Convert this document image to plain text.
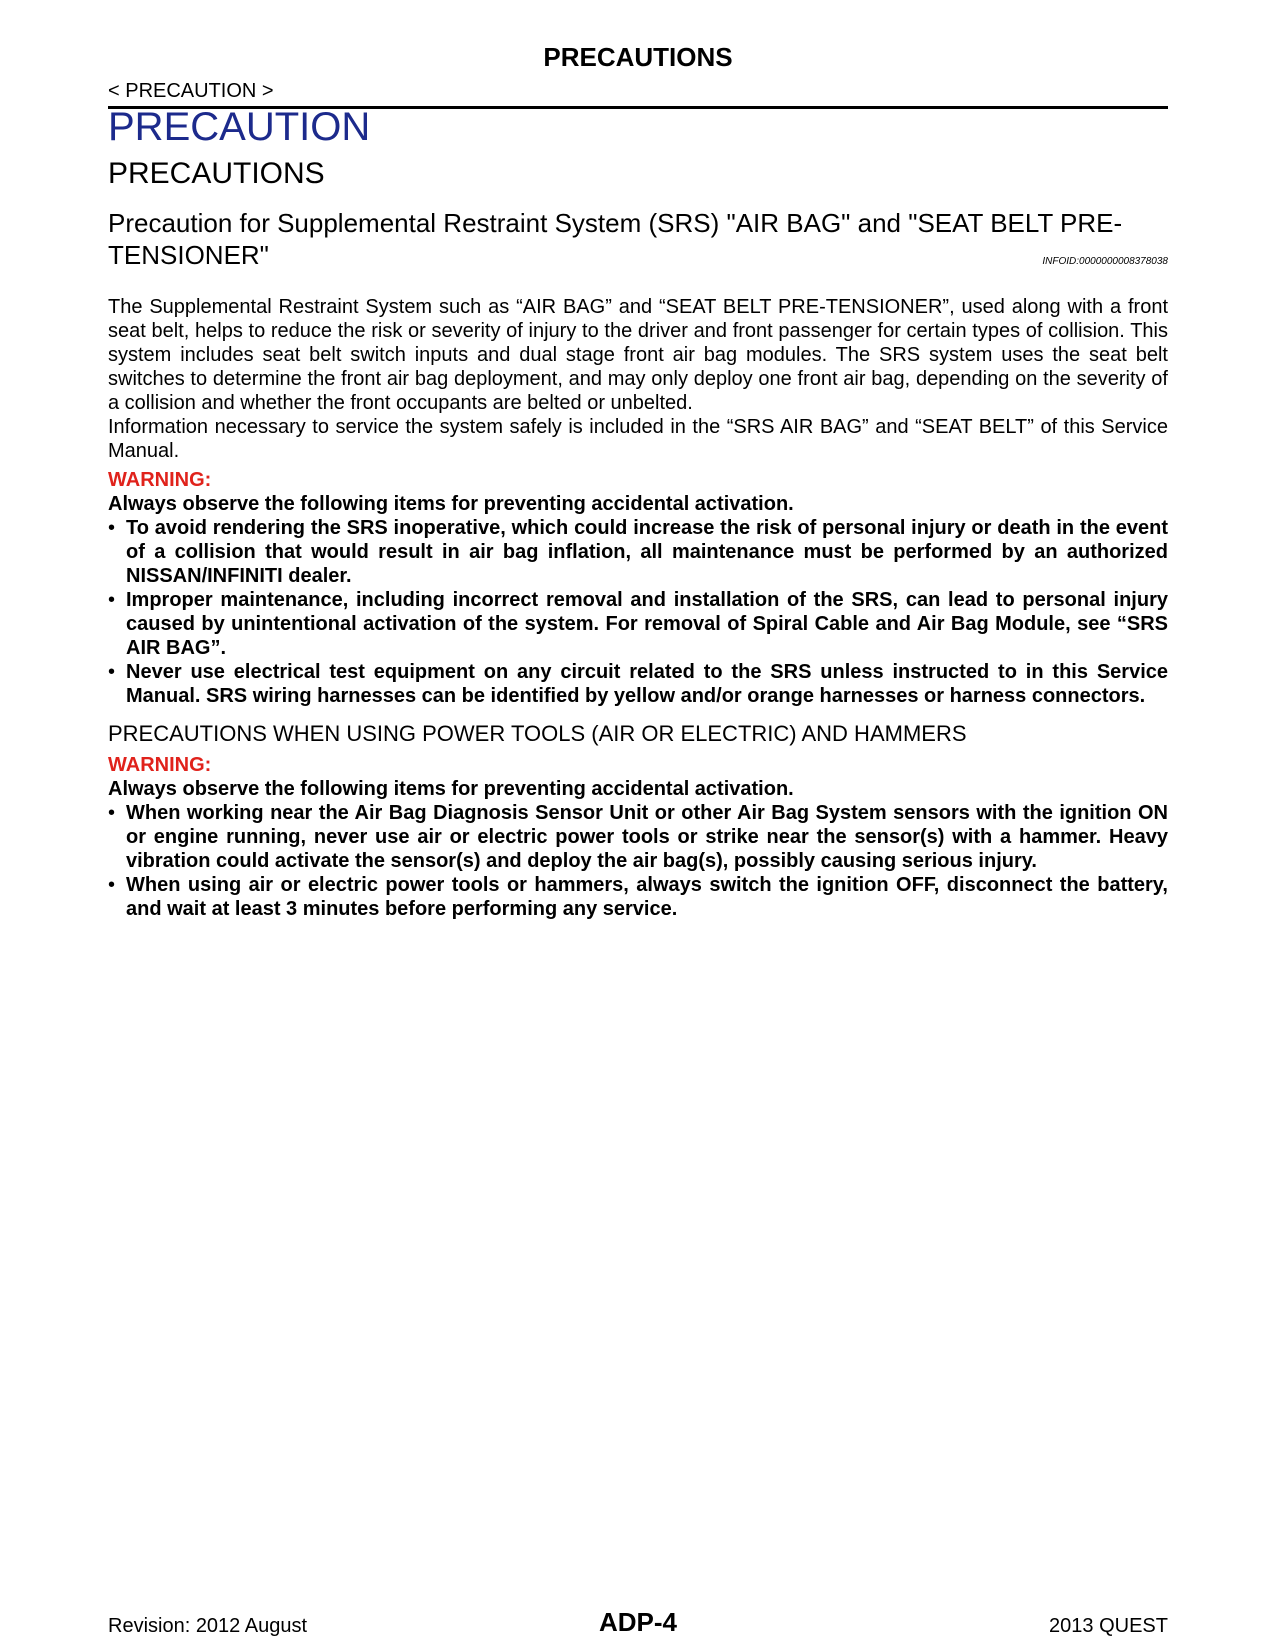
PRECAUTIONS
< PRECAUTION >
PRECAUTION
PRECAUTIONS
Precaution for Supplemental Restraint System (SRS) "AIR BAG" and "SEAT BELT PRE-TENSIONER"	INFOID:0000000008378038

The Supplemental Restraint System such as “AIR BAG” and “SEAT BELT PRE-TENSIONER”, used along with a front seat belt, helps to reduce the risk or severity of injury to the driver and front passenger for certain types of collision. This system includes seat belt switch inputs and dual stage front air bag modules. The SRS system uses the seat belt switches to determine the front air bag deployment, and may only deploy one front air bag, depending on the severity of a collision and whether the front occupants are belted or unbelted.

Information necessary to service the system safely is included in the “SRS AIR BAG” and “SEAT BELT” of this Service Manual.

WARNING:
Always observe the following items for preventing accidental activation.
• To avoid rendering the SRS inoperative, which could increase the risk of personal injury or death in the event of a collision that would result in air bag inflation, all maintenance must be performed by an authorized NISSAN/INFINITI dealer.
• Improper maintenance, including incorrect removal and installation of the SRS, can lead to personal injury caused by unintentional activation of the system. For removal of Spiral Cable and Air Bag Module, see “SRS AIR BAG”.
• Never use electrical test equipment on any circuit related to the SRS unless instructed to in this Service Manual. SRS wiring harnesses can be identified by yellow and/or orange harnesses or harness connectors.
PRECAUTIONS WHEN USING POWER TOOLS (AIR OR ELECTRIC) AND HAMMERS
WARNING:
Always observe the following items for preventing accidental activation.
• When working near the Air Bag Diagnosis Sensor Unit or other Air Bag System sensors with the ignition ON or engine running, never use air or electric power tools or strike near the sensor(s) with a hammer. Heavy vibration could activate the sensor(s) and deploy the air bag(s), possibly causing serious injury.
• When using air or electric power tools or hammers, always switch the ignition OFF, disconnect the battery, and wait at least 3 minutes before performing any service.
Revision: 2012 August	ADP-4	2013 QUEST
